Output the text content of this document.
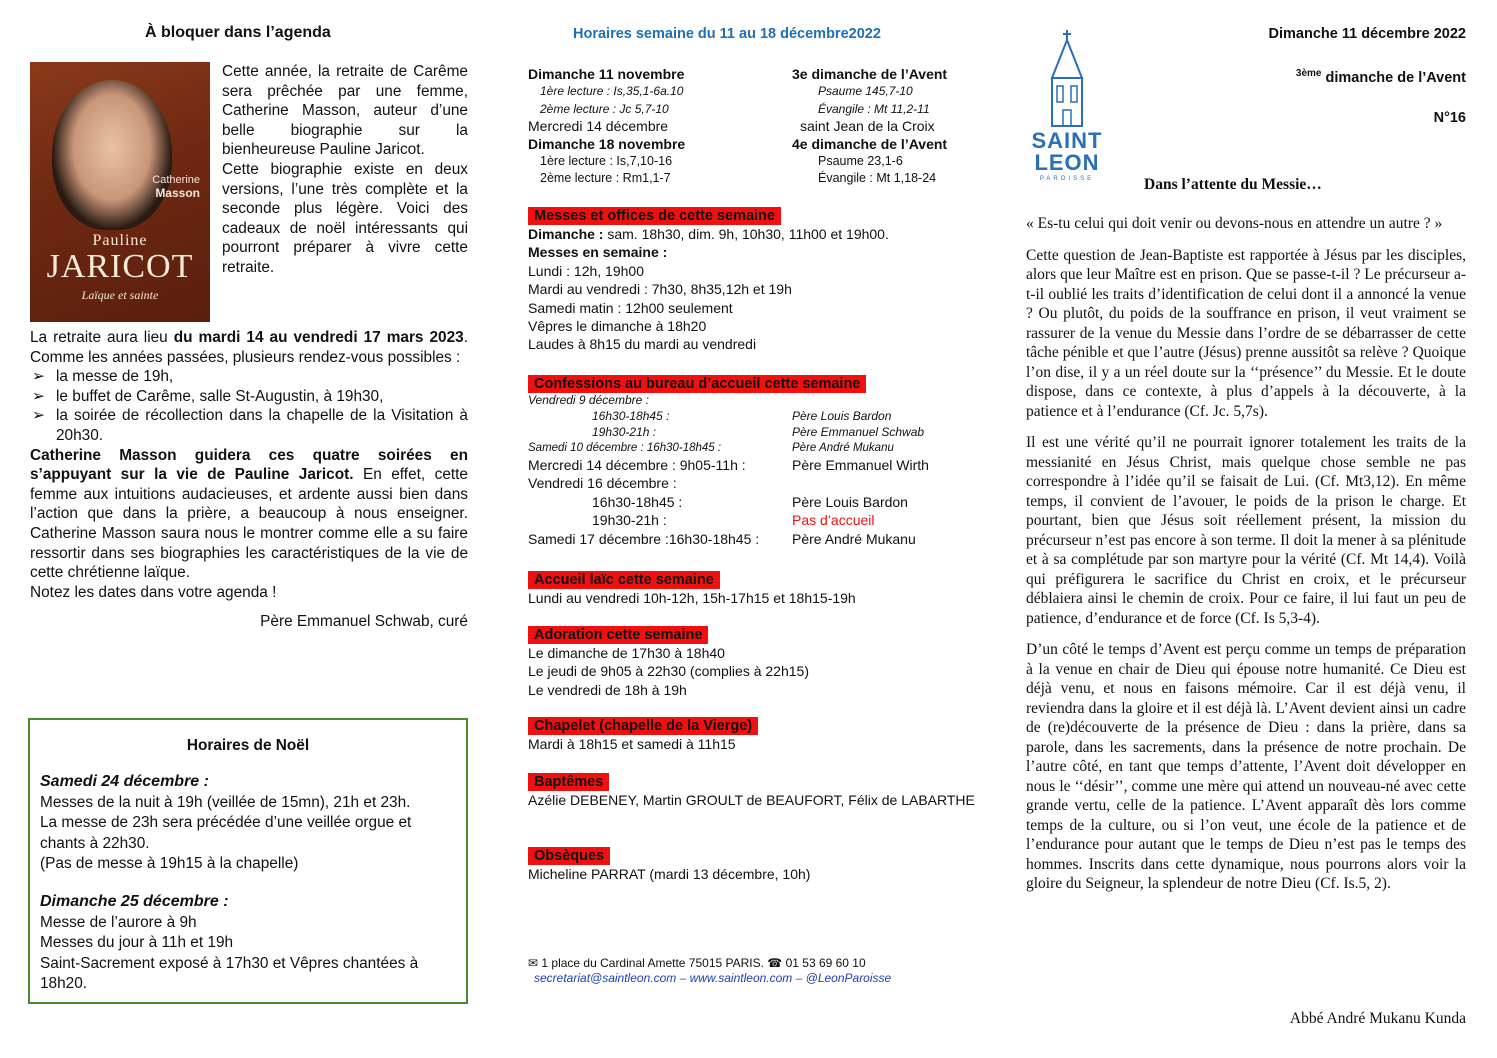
À bloquer dans l’agenda
Catherine
Masson
Pauline
JARICOT
Laïque et sainte
Cette année, la retraite de Carême sera prêchée par une femme, Catherine Masson, auteur d’une belle biographie sur la bienheureuse Pauline Jaricot.
Cette biographie existe en deux versions, l’une très complète et la seconde plus légère. Voici des cadeaux de noël intéressants qui pourront préparer à vivre cette retraite.
La retraite aura lieu du mardi 14 au vendredi 17 mars 2023. Comme les années passées, plusieurs rendez-vous possibles :
➢ la messe de 19h,
➢ le buffet de Carême, salle St-Augustin, à 19h30,
➢ la soirée de récollection dans la chapelle de la Visitation à 20h30.
Catherine Masson guidera ces quatre soirées en s’appuyant sur la vie de Pauline Jaricot. En effet, cette femme aux intuitions audacieuses, et ardente aussi bien dans l’action que dans la prière, a beaucoup à nous enseigner. Catherine Masson saura nous le montrer comme elle a su faire ressortir dans ses biographies les caractéristiques de la vie de cette chrétienne laïque.
Notez les dates dans votre agenda !
Père Emmanuel Schwab, curé
Horaires de Noël
Samedi 24 décembre :
Messes de la nuit à 19h (veillée de 15mn), 21h et 23h.
La messe de 23h sera précédée d’une veillée orgue et chants à 22h30.
(Pas de messe à 19h15 à la chapelle)
Dimanche 25 décembre :
Messe de l’aurore à 9h
Messes du jour à 11h et 19h
Saint-Sacrement exposé à 17h30 et Vêpres chantées à 18h20.
Horaires semaine du 11 au 18 décembre2022
Dimanche 11 novembre	3e dimanche de l’Avent
1ère lecture : Is,35,1-6a.10	Psaume 145,7-10
2ème lecture : Jc 5,7-10	Évangile : Mt 11,2-11
Mercredi 14 décembre	saint Jean de la Croix
Dimanche 18 novembre	4e dimanche de l’Avent
1ère lecture : Is,7,10-16	Psaume 23,1-6
2ème lecture : Rm1,1-7	Évangile : Mt 1,18-24
Messes et offices de cette semaine
Dimanche : sam. 18h30, dim. 9h, 10h30, 11h00 et 19h00.
Messes en semaine :
Lundi : 12h, 19h00
Mardi au vendredi : 7h30, 8h35,12h et 19h
Samedi matin : 12h00 seulement
Vêpres le dimanche à 18h20
Laudes à 8h15 du mardi au vendredi
Confessions au bureau d’accueil cette semaine
Vendredi 9 décembre :
16h30-18h45 :	Père Louis Bardon
19h30-21h :	Père Emmanuel Schwab
Samedi 10 décembre : 16h30-18h45 :	Père André Mukanu
Mercredi 14 décembre : 9h05-11h :	Père Emmanuel Wirth
Vendredi 16 décembre :
16h30-18h45 :	Père Louis Bardon
19h30-21h :	Pas d’accueil
Samedi 17 décembre :16h30-18h45 :	Père André Mukanu
Accueil laïc cette semaine
Lundi au vendredi 10h-12h, 15h-17h15 et 18h15-19h
Adoration cette semaine
Le dimanche de 17h30 à 18h40
Le jeudi de 9h05 à 22h30 (complies à 22h15)
Le vendredi de 18h à 19h
Chapelet (chapelle de la Vierge)
Mardi à 18h15 et samedi à 11h15
Baptêmes
Azélie DEBENEY, Martin GROULT de BEAUFORT, Félix de LABARTHE
Obsèques
Micheline PARRAT (mardi 13 décembre, 10h)
✉ 1 place du Cardinal Amette 75015 PARIS. ☎ 01 53 69 60 10
secretariat@saintleon.com – www.saintleon.com – @LeonParoisse
Dimanche 11 décembre 2022
$^{3ème}$ dimanche de l’Avent
N°16
SAINT
LEON
PAROISSE	Dans l’attente du Messie…

« Es-tu celui qui doit venir ou devons-nous en attendre un autre ? »

Cette question de Jean-Baptiste est rapportée à Jésus par les disciples, alors que leur Maître est en prison. Que se passe-t-il ? Le précurseur a-t-il oublié les traits d’identification de celui dont il a annoncé la venue ? Ou plutôt, du poids de la souffrance en prison, il veut vraiment se rassurer de la venue du Messie dans l’ordre de se débarrasser de cette tâche pénible et que l’autre (Jésus) prenne aussitôt sa relève ? Quoique l’on dise, il y a un réel doute sur la ‘‘présence’’ du Messie. Et le doute dispose, dans ce contexte, à plus d’appels à la découverte, à la patience et à l’endurance (Cf. Jc. 5,7s).

Il est une vérité qu’il ne pourrait ignorer totalement les traits de la messianité en Jésus Christ, mais quelque chose semble ne pas correspondre à l’idée qu’il se faisait de Lui. (Cf. Mt3,12). En même temps, il convient de l’avouer, le poids de la prison le charge. Et pourtant, bien que Jésus soit réellement présent, la mission du précurseur n’est pas encore à son terme. Il doit la mener à sa plénitude et à sa complétude par son martyre pour la vérité (Cf. Mt 14,4). Voilà qui préfigurera le sacrifice du Christ en croix, et le précurseur déblaiera ainsi le chemin de croix. Pour ce faire, il lui faut un peu de patience, d’endurance et de force (Cf. Is 5,3-4).

D’un côté le temps d’Avent est perçu comme un temps de préparation à la venue en chair de Dieu qui épouse notre humanité. Ce Dieu est déjà venu, et nous en faisons mémoire. Car il est déjà venu, il reviendra dans la gloire et il est déjà là. L’Avent devient ainsi un cadre de (re)découverte de la présence de Dieu : dans la prière, dans sa parole, dans les sacrements, dans la présence de notre prochain. De l’autre côté, en tant que temps d’attente, l’Avent doit développer en nous le ‘‘désir’’, comme une mère qui attend un nouveau-né avec cette grande vertu, celle de la patience. L’Avent apparaît dès lors comme temps de la culture, ou si l’on veut, une école de la patience et de l’endurance pour autant que le temps de Dieu n’est pas le temps des hommes. Inscrits dans cette dynamique, nous pourrons alors voir la gloire du Seigneur, la splendeur de notre Dieu (Cf. Is.5, 2).

Abbé André Mukanu Kunda
